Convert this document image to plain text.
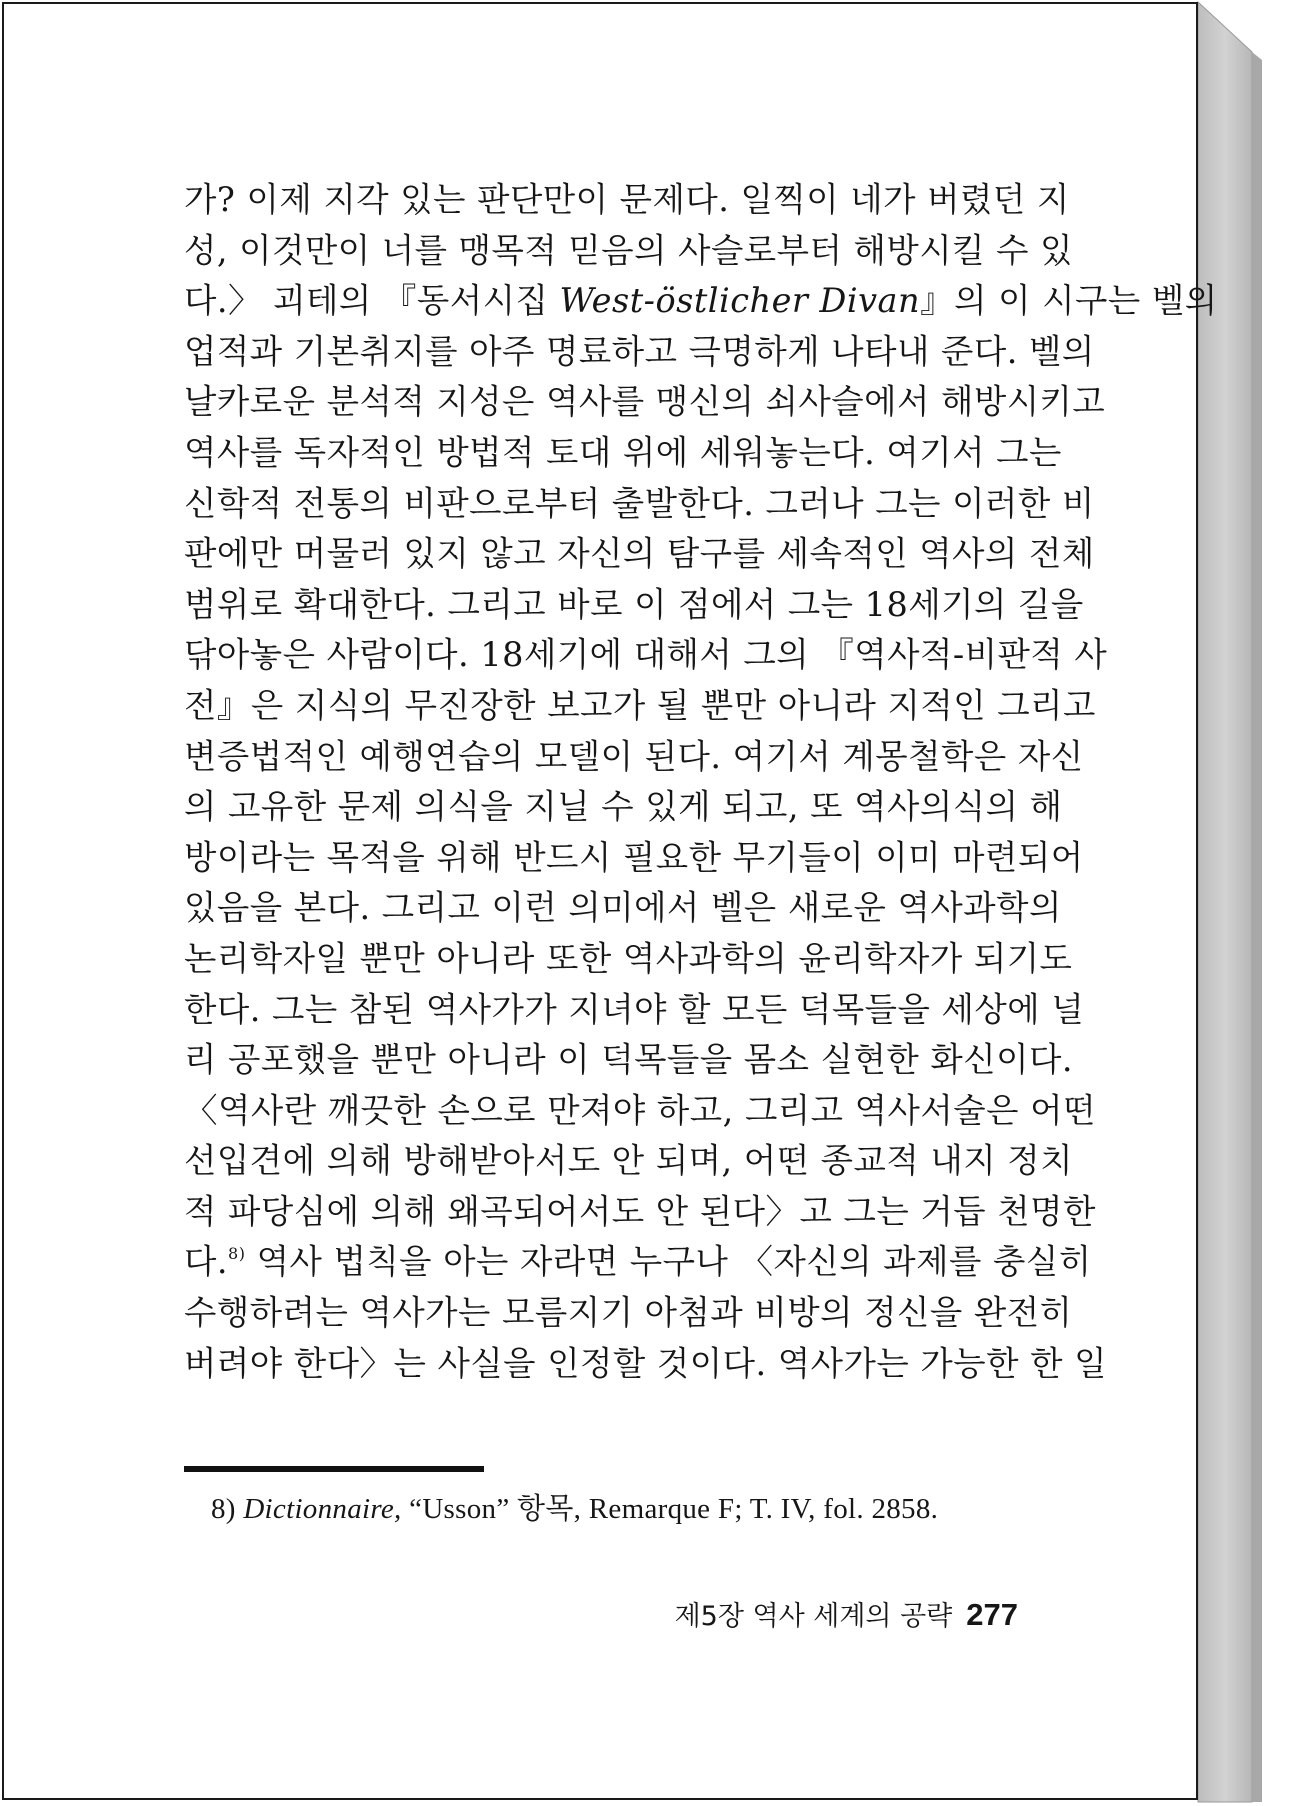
가? 이제 지각 있는 판단만이 문제다. 일찍이 네가 버렸던 지
성, 이것만이 너를 맹목적 믿음의 사슬로부터 해방시킬 수 있
다.〉 괴테의 『동서시집 West-östlicher Divan』의 이 시구는 벨의
업적과 기본취지를 아주 명료하고 극명하게 나타내 준다. 벨의
날카로운 분석적 지성은 역사를 맹신의 쇠사슬에서 해방시키고
역사를 독자적인 방법적 토대 위에 세워놓는다. 여기서 그는
신학적 전통의 비판으로부터 출발한다. 그러나 그는 이러한 비
판에만 머물러 있지 않고 자신의 탐구를 세속적인 역사의 전체
범위로 확대한다. 그리고 바로 이 점에서 그는 18세기의 길을
닦아놓은 사람이다. 18세기에 대해서 그의 『역사적-비판적 사
전』은 지식의 무진장한 보고가 될 뿐만 아니라 지적인 그리고
변증법적인 예행연습의 모델이 된다. 여기서 계몽철학은 자신
의 고유한 문제 의식을 지닐 수 있게 되고, 또 역사의식의 해
방이라는 목적을 위해 반드시 필요한 무기들이 이미 마련되어
있음을 본다. 그리고 이런 의미에서 벨은 새로운 역사과학의
논리학자일 뿐만 아니라 또한 역사과학의 윤리학자가 되기도
한다. 그는 참된 역사가가 지녀야 할 모든 덕목들을 세상에 널
리 공포했을 뿐만 아니라 이 덕목들을 몸소 실현한 화신이다.
〈역사란 깨끗한 손으로 만져야 하고, 그리고 역사서술은 어떤
선입견에 의해 방해받아서도 안 되며, 어떤 종교적 내지 정치
적 파당심에 의해 왜곡되어서도 안 된다〉고 그는 거듭 천명한
다.$^{8)}$ 역사 법칙을 아는 자라면 누구나 〈자신의 과제를 충실히
수행하려는 역사가는 모름지기 아첨과 비방의 정신을 완전히
버려야 한다〉는 사실을 인정할 것이다. 역사가는 가능한 한 일
8) Dictionnaire, “Usson” 항목, Remarque F; T. IV, fol. 2858.
제5장 역사 세계의 공략 277
